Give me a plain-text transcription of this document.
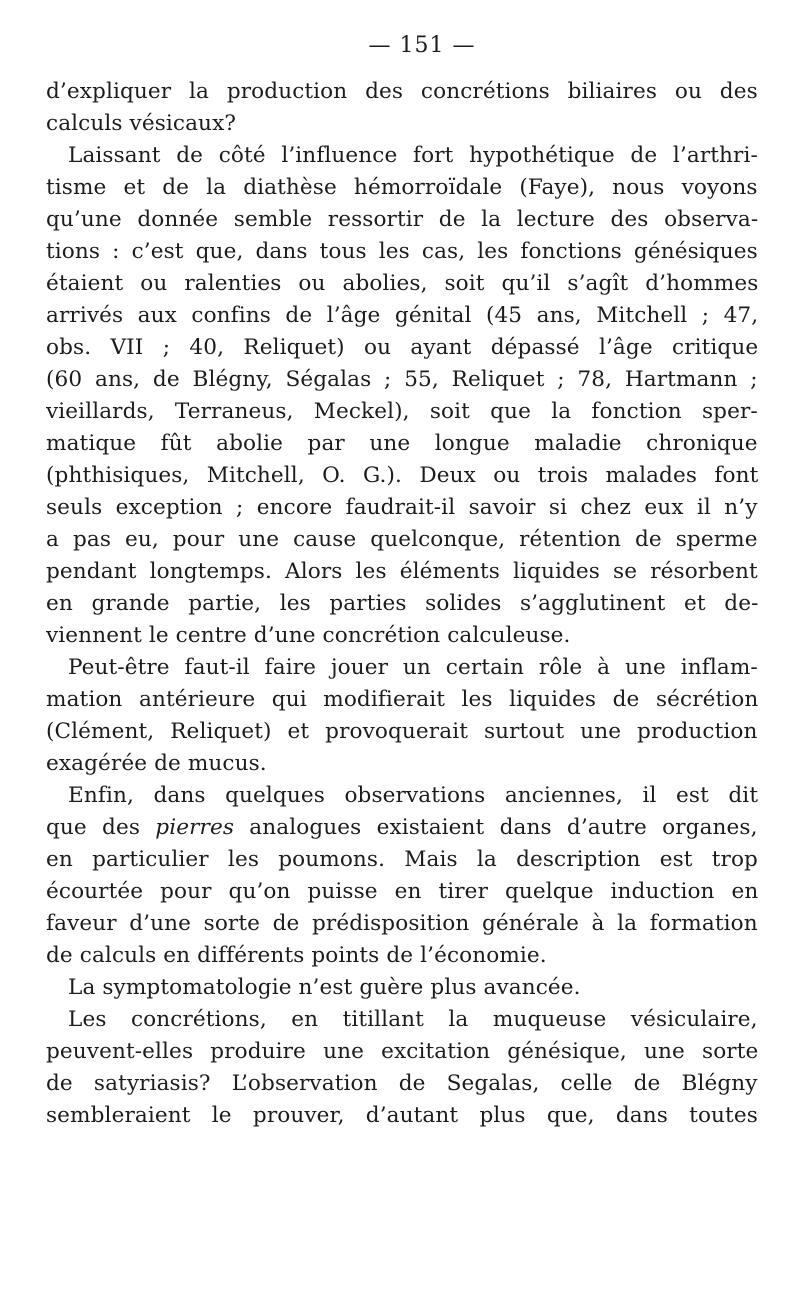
— 151 —
d’expliquer la production des concrétions biliaires ou des
calculs vésicaux?
Laissant de côté l’influence fort hypothétique de l’arthri-
tisme et de la diathèse hémorroïdale (Faye), nous voyons
qu’une donnée semble ressortir de la lecture des observa-
tions : c’est que, dans tous les cas, les fonctions génésiques
étaient ou ralenties ou abolies, soit qu’il s’agît d’hommes
arrivés aux confins de l’âge génital (45 ans, Mitchell ; 47,
obs. VII ; 40, Reliquet) ou ayant dépassé l’âge critique
(60 ans, de Blégny, Ségalas ; 55, Reliquet ; 78, Hartmann ;
vieillards, Terraneus, Meckel), soit que la fonction sper-
matique fût abolie par une longue maladie chronique
(phthisiques, Mitchell, O. G.). Deux ou trois malades font
seuls exception ; encore faudrait-il savoir si chez eux il n’y
a pas eu, pour une cause quelconque, rétention de sperme
pendant longtemps. Alors les éléments liquides se résorbent
en grande partie, les parties solides s’agglutinent et de-
viennent le centre d’une concrétion calculeuse.
Peut-être faut-il faire jouer un certain rôle à une inflam-
mation antérieure qui modifierait les liquides de sécrétion
(Clément, Reliquet) et provoquerait surtout une production
exagérée de mucus.
Enfin, dans quelques observations anciennes, il est dit
que des pierres analogues existaient dans d’autre organes,
en particulier les poumons. Mais la description est trop
écourtée pour qu’on puisse en tirer quelque induction en
faveur d’une sorte de prédisposition générale à la formation
de calculs en différents points de l’économie.
La symptomatologie n’est guère plus avancée.
Les concrétions, en titillant la muqueuse vésiculaire,
peuvent-elles produire une excitation génésique, une sorte
de satyriasis? L’observation de Segalas, celle de Blégny
sembleraient le prouver, d’autant plus que, dans toutes
